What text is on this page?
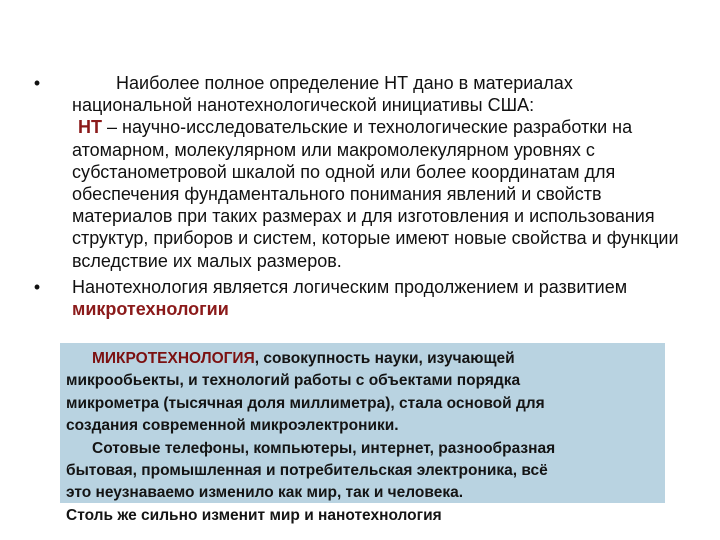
•	Наиболее полное определение НТ дано в материалах национальной нанотехнологической инициативы США:
НТ – научно-исследовательские и технологические разработки на атомарном, молекулярном или макромолекулярном уровнях с субстанометровой шкалой по одной или более координатам для обеспечения фундаментального понимания явлений и свойств материалов при таких размерах и для изготовления и использования структур, приборов и систем, которые имеют новые свойства и функции вследствие их малых размеров.
• Нанотехнология является логическим продолжением и развитием микротехнологии
МИКРОТЕХНОЛОГИЯ, совокупность науки, изучающей
микрообьекты, и технологий работы с объектами порядка
микрометра (тысячная доля миллиметра), стала основой для
создания современной микроэлектроники.
Сотовые телефоны, компьютеры, интернет, разнообразная
бытовая, промышленная и потребительская электроника, всё
это неузнаваемо изменило как мир, так и человека.
Столь же сильно изменит мир и нанотехнология
